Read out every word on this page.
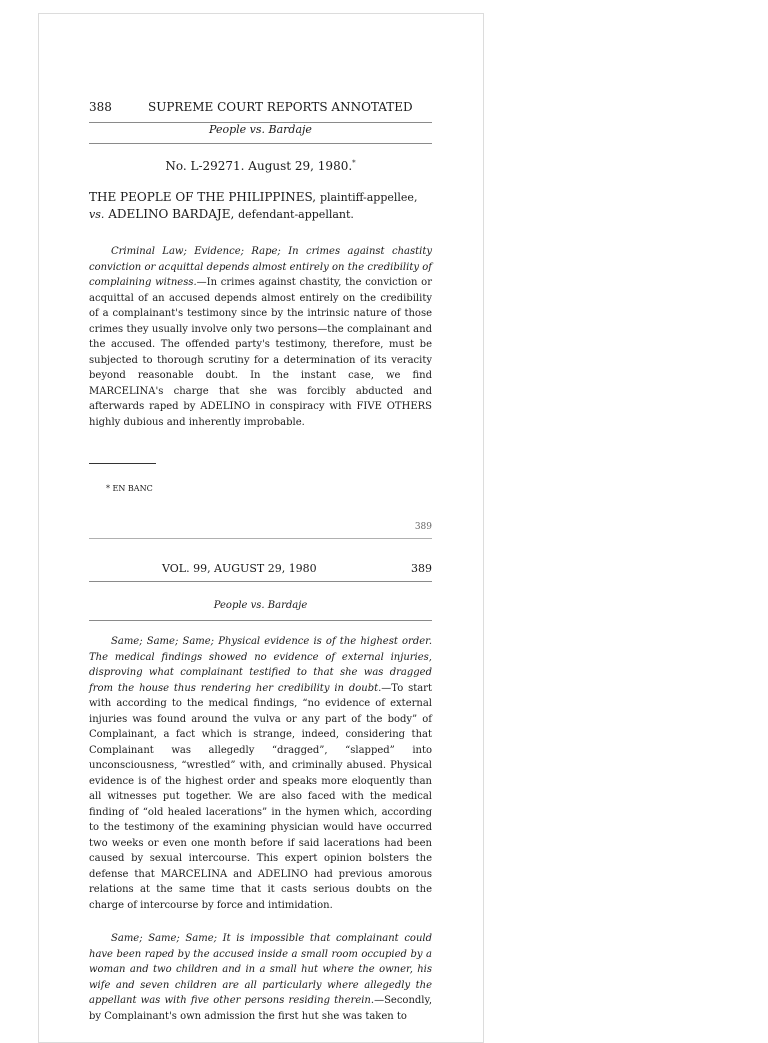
388	SUPREME COURT REPORTS ANNOTATED
People vs. Bardaje
No. L-29271. August 29, 1980.*
THE PEOPLE OF THE PHILIPPINES, plaintiff-appellee,
vs. ADELINO BARDAJE, defendant-appellant.

Criminal Law; Evidence; Rape; In crimes against chastity conviction or acquittal depends almost entirely on the credibility of complaining witness.—In crimes against chastity, the conviction or acquittal of an accused depends almost entirely on the credibility of a complainant's testimony since by the intrinsic nature of those crimes they usually involve only two persons—the complainant and the accused. The offended party's testimony, therefore, must be subjected to thorough scrutiny for a determination of its veracity beyond reasonable doubt. In the instant case, we find MARCELINA's charge that she was forcibly abducted and afterwards raped by ADELINO in conspiracy with FIVE OTHERS highly dubious and inherently improbable.

* EN BANC
389
VOL. 99, AUGUST 29, 1980	389
People vs. Bardaje

Same; Same; Same; Physical evidence is of the highest order. The medical findings showed no evidence of external injuries, disproving what complainant testified to that she was dragged from the house thus rendering her credibility in doubt.—To start with according to the medical findings, “no evidence of external injuries was found around the vulva or any part of the body” of Complainant, a fact which is strange, indeed, considering that Complainant was allegedly “dragged”, “slapped” into unconsciousness, “wrestled” with, and criminally abused. Physical evidence is of the highest order and speaks more eloquently than all witnesses put together. We are also faced with the medical finding of “old healed lacerations” in the hymen which, according to the testimony of the examining physician would have occurred two weeks or even one month before if said lacerations had been caused by sexual intercourse. This expert opinion bolsters the defense that MARCELINA and ADELINO had previous amorous relations at the same time that it casts serious doubts on the charge of intercourse by force and intimidation.

Same; Same; Same; It is impossible that complainant could have been raped by the accused inside a small room occupied by a woman and two children and in a small hut where the owner, his wife and seven children are all particularly where allegedly the appellant was with five other persons residing therein.—Secondly, by Complainant's own admission the first hut she was taken to
